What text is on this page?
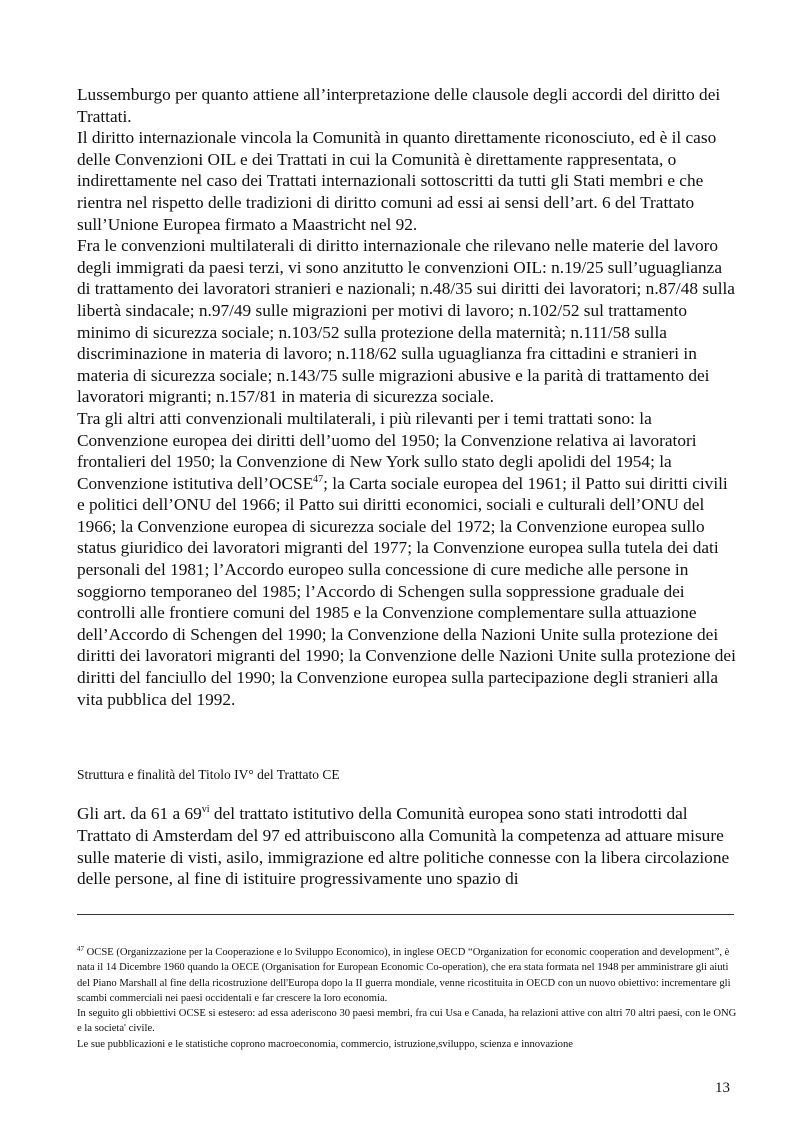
Lussemburgo per quanto attiene all’interpretazione delle clausole degli accordi del diritto dei Trattati.

Il diritto internazionale vincola la Comunità in quanto direttamente riconosciuto, ed è il caso delle Convenzioni OIL e dei Trattati in cui la Comunità è direttamente rappresentata, o indirettamente nel caso dei Trattati internazionali sottoscritti da tutti gli Stati membri e che rientra nel rispetto delle tradizioni di diritto comuni ad essi ai sensi dell’art. 6 del Trattato sull’Unione Europea firmato a Maastricht nel 92.

Fra le convenzioni multilaterali di diritto internazionale che rilevano nelle materie del lavoro degli immigrati da paesi terzi, vi sono anzitutto le convenzioni OIL: n.19/25 sull’uguaglianza di trattamento dei lavoratori stranieri e nazionali; n.48/35 sui diritti dei lavoratori; n.87/48 sulla libertà sindacale; n.97/49 sulle migrazioni per motivi di lavoro; n.102/52 sul trattamento minimo di sicurezza sociale; n.103/52 sulla protezione della maternità; n.111/58 sulla discriminazione in materia di lavoro; n.118/62 sulla uguaglianza fra cittadini e stranieri in materia di sicurezza sociale; n.143/75 sulle migrazioni abusive e la parità di trattamento dei lavoratori migranti; n.157/81 in materia di sicurezza sociale.

Tra gli altri atti convenzionali multilaterali, i più rilevanti per i temi trattati sono: la Convenzione europea dei diritti dell’uomo del 1950; la Convenzione relativa ai lavoratori frontalieri del 1950; la Convenzione di New York sullo stato degli apolidi del 1954; la Convenzione istitutiva dell’OCSE$^{47}$; la Carta sociale europea del 1961; il Patto sui diritti civili e politici dell’ONU del 1966; il Patto sui diritti economici, sociali e culturali dell’ONU del 1966; la Convenzione europea di sicurezza sociale del 1972; la Convenzione europea sullo status giuridico dei lavoratori migranti del 1977; la Convenzione europea sulla tutela dei dati personali del 1981; l’Accordo europeo sulla concessione di cure mediche alle persone in soggiorno temporaneo del 1985; l’Accordo di Schengen sulla soppressione graduale dei controlli alle frontiere comuni del 1985 e la Convenzione complementare sulla attuazione dell’Accordo di Schengen del 1990; la Convenzione della Nazioni Unite sulla protezione dei diritti dei lavoratori migranti del 1990; la Convenzione delle Nazioni Unite sulla protezione dei diritti del fanciullo del 1990; la Convenzione europea sulla partecipazione degli stranieri alla vita pubblica del 1992.

Struttura e finalità del Titolo IV° del Trattato CE

Gli art. da 61 a 69$^{vi}$ del trattato istitutivo della Comunità europea sono stati introdotti dal Trattato di Amsterdam del 97 ed attribuiscono alla Comunità la competenza ad attuare misure sulle materie di visti, asilo, immigrazione ed altre politiche connesse con la libera circolazione delle persone, al fine di istituire progressivamente uno spazio di

$^{47}$ OCSE (Organizzazione per la Cooperazione e lo Sviluppo Economico), in inglese OECD “Organization for economic cooperation and development”, è nata il 14 Dicembre 1960 quando la OECE (Organisation for European Economic Co-operation), che era stata formata nel 1948 per amministrare gli aiuti del Piano Marshall al fine della ricostruzione dell'Europa dopo la II guerra mondiale, venne ricostituita in OECD con un nuovo obiettivo: incrementare gli scambi commerciali nei paesi occidentali e far crescere la loro economia.
In seguito gli obbiettivi OCSE si estesero: ad essa aderiscono 30 paesi membri, fra cui Usa e Canada, ha relazioni attive con altri 70 altri paesi, con le ONG e la societa' civile.
Le sue pubblicazioni e le statistiche coprono macroeconomia, commercio, istruzione,sviluppo, scienza e innovazione

13
